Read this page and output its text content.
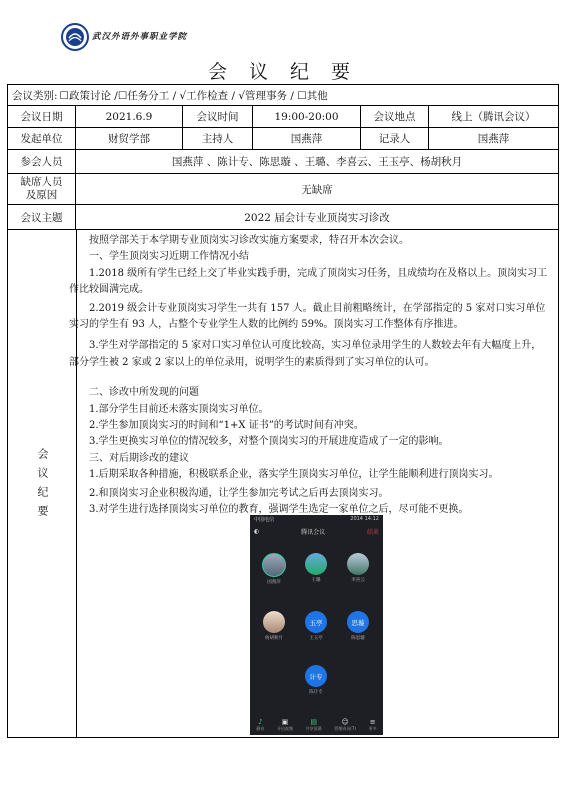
武汉外语外事职业学院
会 议 纪 要
会议类别: ☐政策讨论 /☐任务分工 / √工作检查 / √管理事务 / ☐其他
会议日期	2021.6.9	会议时间	19:00-20:00	会议地点	线上（腾讯会议）
发起单位	财贸学部	主持人	国燕萍	记录人	国燕萍
参会人员	国燕萍 、陈计专、陈思璇 、王璐、李喜云、王玉亭、杨胡秋月
缺席人员
及原因	无缺席
会议主题	2022 届会计专业顶岗实习诊改
会议纪要

按照学部关于本学期专业顶岗实习诊改实施方案要求，特召开本次会议。

一、学生顶岗实习近期工作情况小结

1.2018 级所有学生已经上交了毕业实践手册，完成了顶岗实习任务，且成绩均在及格以上。顶岗实习工作比较圆满完成。

2.2019 级会计专业顶岗实习学生一共有 157 人。截止目前粗略统计，在学部指定的 5 家对口实习单位实习的学生有 93 人，占整个专业学生人数的比例约 59%。顶岗实习工作整体有序推进。

3.学生对学部指定的 5 家对口实习单位认可度比较高，实习单位录用学生的人数较去年有大幅度上升，部分学生被 2 家或 2 家以上的单位录用，说明学生的素质得到了实习单位的认可。

二、诊改中所发现的问题

1.部分学生目前还未落实顶岗实习单位。

2.学生参加顶岗实习的时间和“1+X 证书”的考试时间有冲突。

3.学生更换实习单位的情况较多，对整个顶岗实习的开展进度造成了一定的影响。

三、对后期诊改的建议

1.后期采取各种措施，积极联系企业，落实学生顶岗实习单位，让学生能顺利进行顶岗实习。

2.和顶岗实习企业积极沟通，让学生参加完考试之后再去顶岗实习。

3.对学生进行选择顶岗实习单位的教育，强调学生选定一家单位之后，尽可能不更换。

中国电信	2014 14:12
◐	腾讯会议	结束
国燕萍	王璐	李喜云
杨胡秋月
玉亭
王玉亭
思璇
陈思璇
计专
陈计专
♪
静音
▣
开启视频
▤
共享屏幕
☺
管理成员(7)
≡
更多
